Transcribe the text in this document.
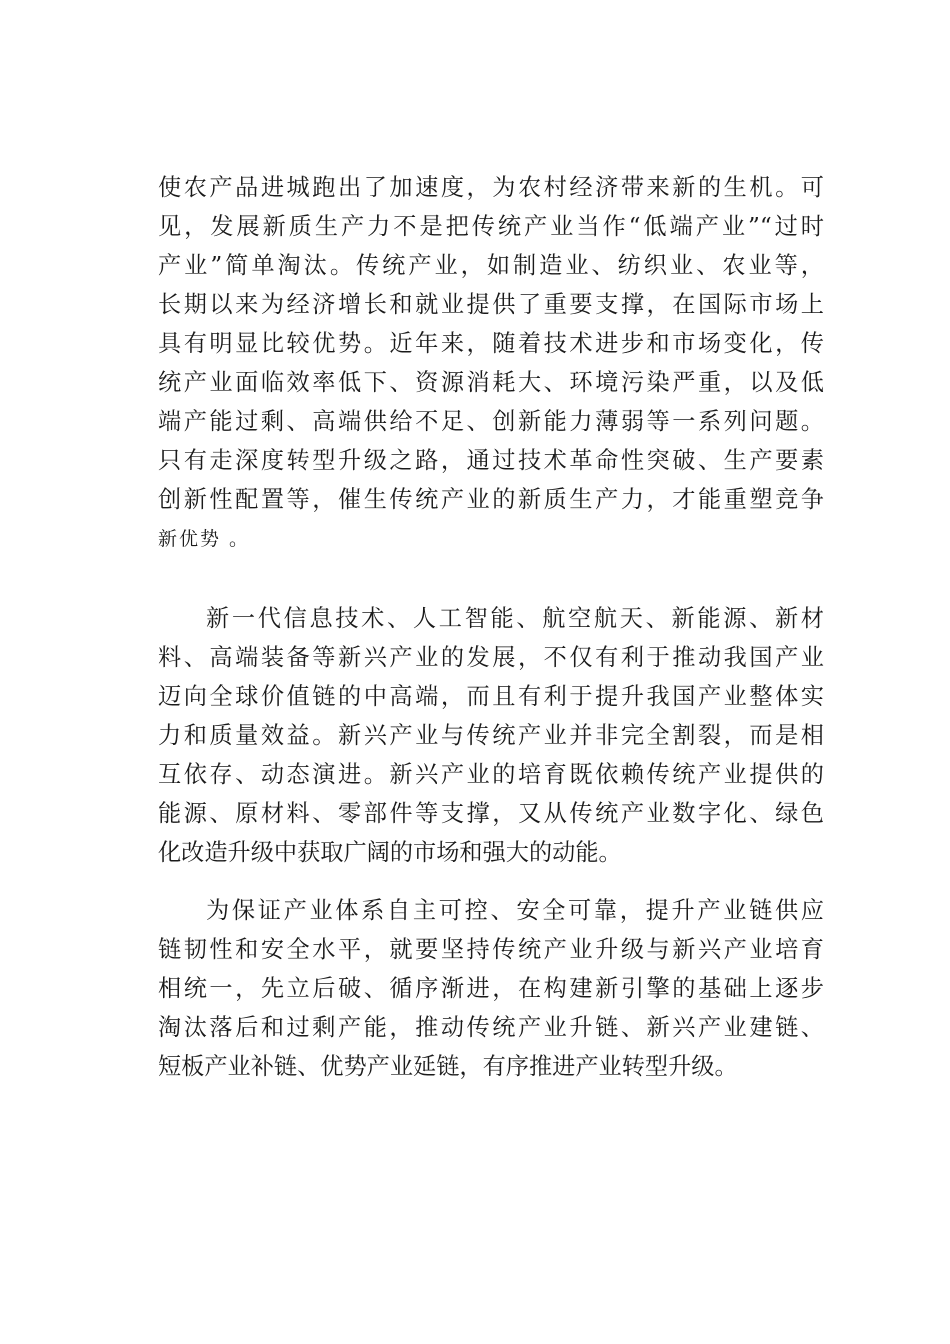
使农产品进城跑出了加速度，为农村经济带来新的生机。可
见，发展新质生产力不是把传统产业当作“低端产业”“过时
产业”简单淘汰。传统产业，如制造业、纺织业、农业等，
长期以来为经济增长和就业提供了重要支撑，在国际市场上
具有明显比较优势。近年来，随着技术进步和市场变化，传
统产业面临效率低下、资源消耗大、环境污染严重，以及低
端产能过剩、高端供给不足、创新能力薄弱等一系列问题。
只有走深度转型升级之路，通过技术革命性突破、生产要素
创新性配置等，催生传统产业的新质生产力，才能重塑竞争
新优势 。
新一代信息技术、人工智能、航空航天、新能源、新材
料、高端装备等新兴产业的发展，不仅有利于推动我国产业
迈向全球价值链的中高端，而且有利于提升我国产业整体实
力和质量效益。新兴产业与传统产业并非完全割裂，而是相
互依存、动态演进。新兴产业的培育既依赖传统产业提供的
能源、原材料、零部件等支撑，又从传统产业数字化、绿色
化改造升级中获取广阔的市场和强大的动能。
为保证产业体系自主可控、安全可靠，提升产业链供应
链韧性和安全水平，就要坚持传统产业升级与新兴产业培育
相统一，先立后破、循序渐进，在构建新引擎的基础上逐步
淘汰落后和过剩产能，推动传统产业升链、新兴产业建链、
短板产业补链、优势产业延链，有序推进产业转型升级。
